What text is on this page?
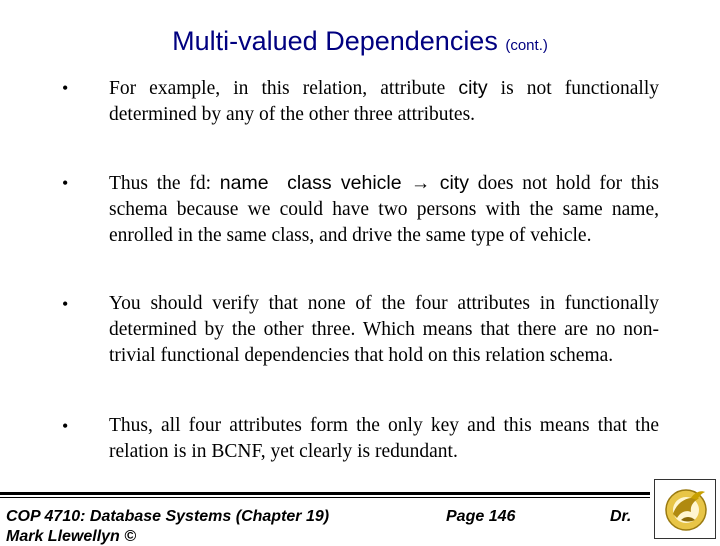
Multi-valued Dependencies (cont.)
• For example, in this relation, attribute city is not functionally determined by any of the other three attributes.
• Thus the fd: name  class vehicle → city does not hold for this schema because we could have two persons with the same name, enrolled in the same class, and drive the same type of vehicle.
• You should verify that none of the four attributes in functionally determined by the other three. Which means that there are no non-trivial functional dependencies that hold on this relation schema.
• Thus, all four attributes form the only key and this means that the relation is in BCNF, yet clearly is redundant.
COP 4710: Database Systems (Chapter 19)	Page 146	Dr.
Mark Llewellyn ©
